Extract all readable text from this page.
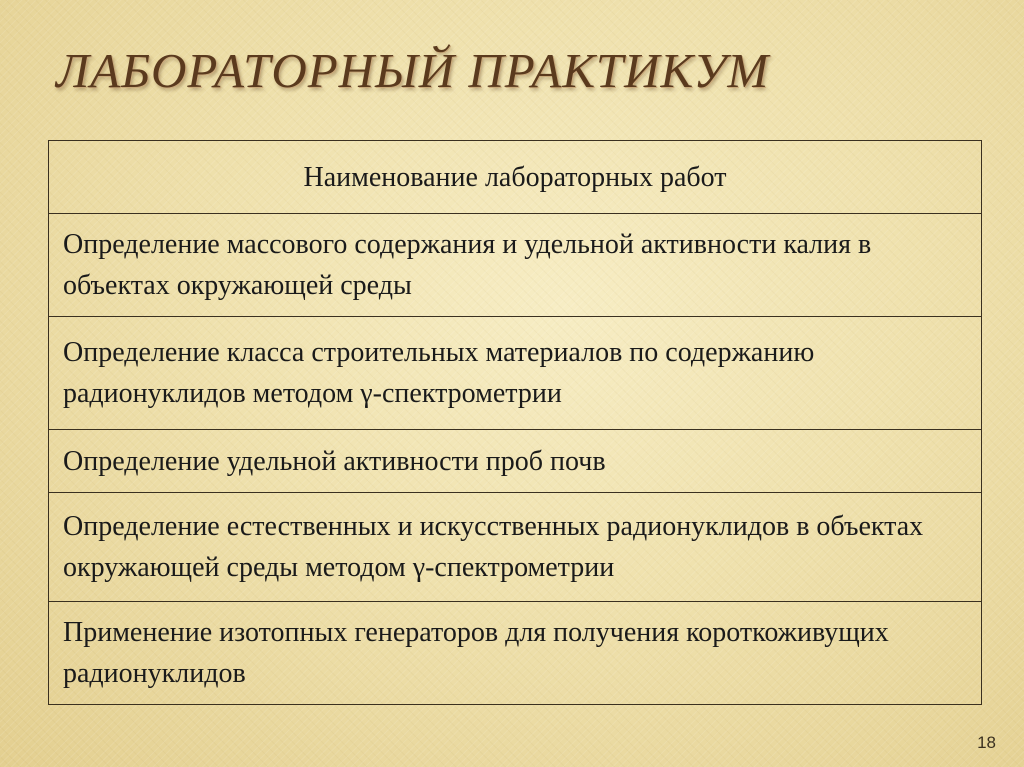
ЛАБОРАТОРНЫЙ ПРАКТИКУМ
Наименование лабораторных работ
Определение массового содержания и удельной активности калия в объектах окружающей среды
Определение класса строительных материалов по содержанию радионуклидов методом γ-спектрометрии
Определение удельной активности проб почв
Определение естественных и искусственных радионуклидов в объектах окружающей среды методом γ-спектрометрии
Применение изотопных генераторов для получения короткоживущих радионуклидов
18
